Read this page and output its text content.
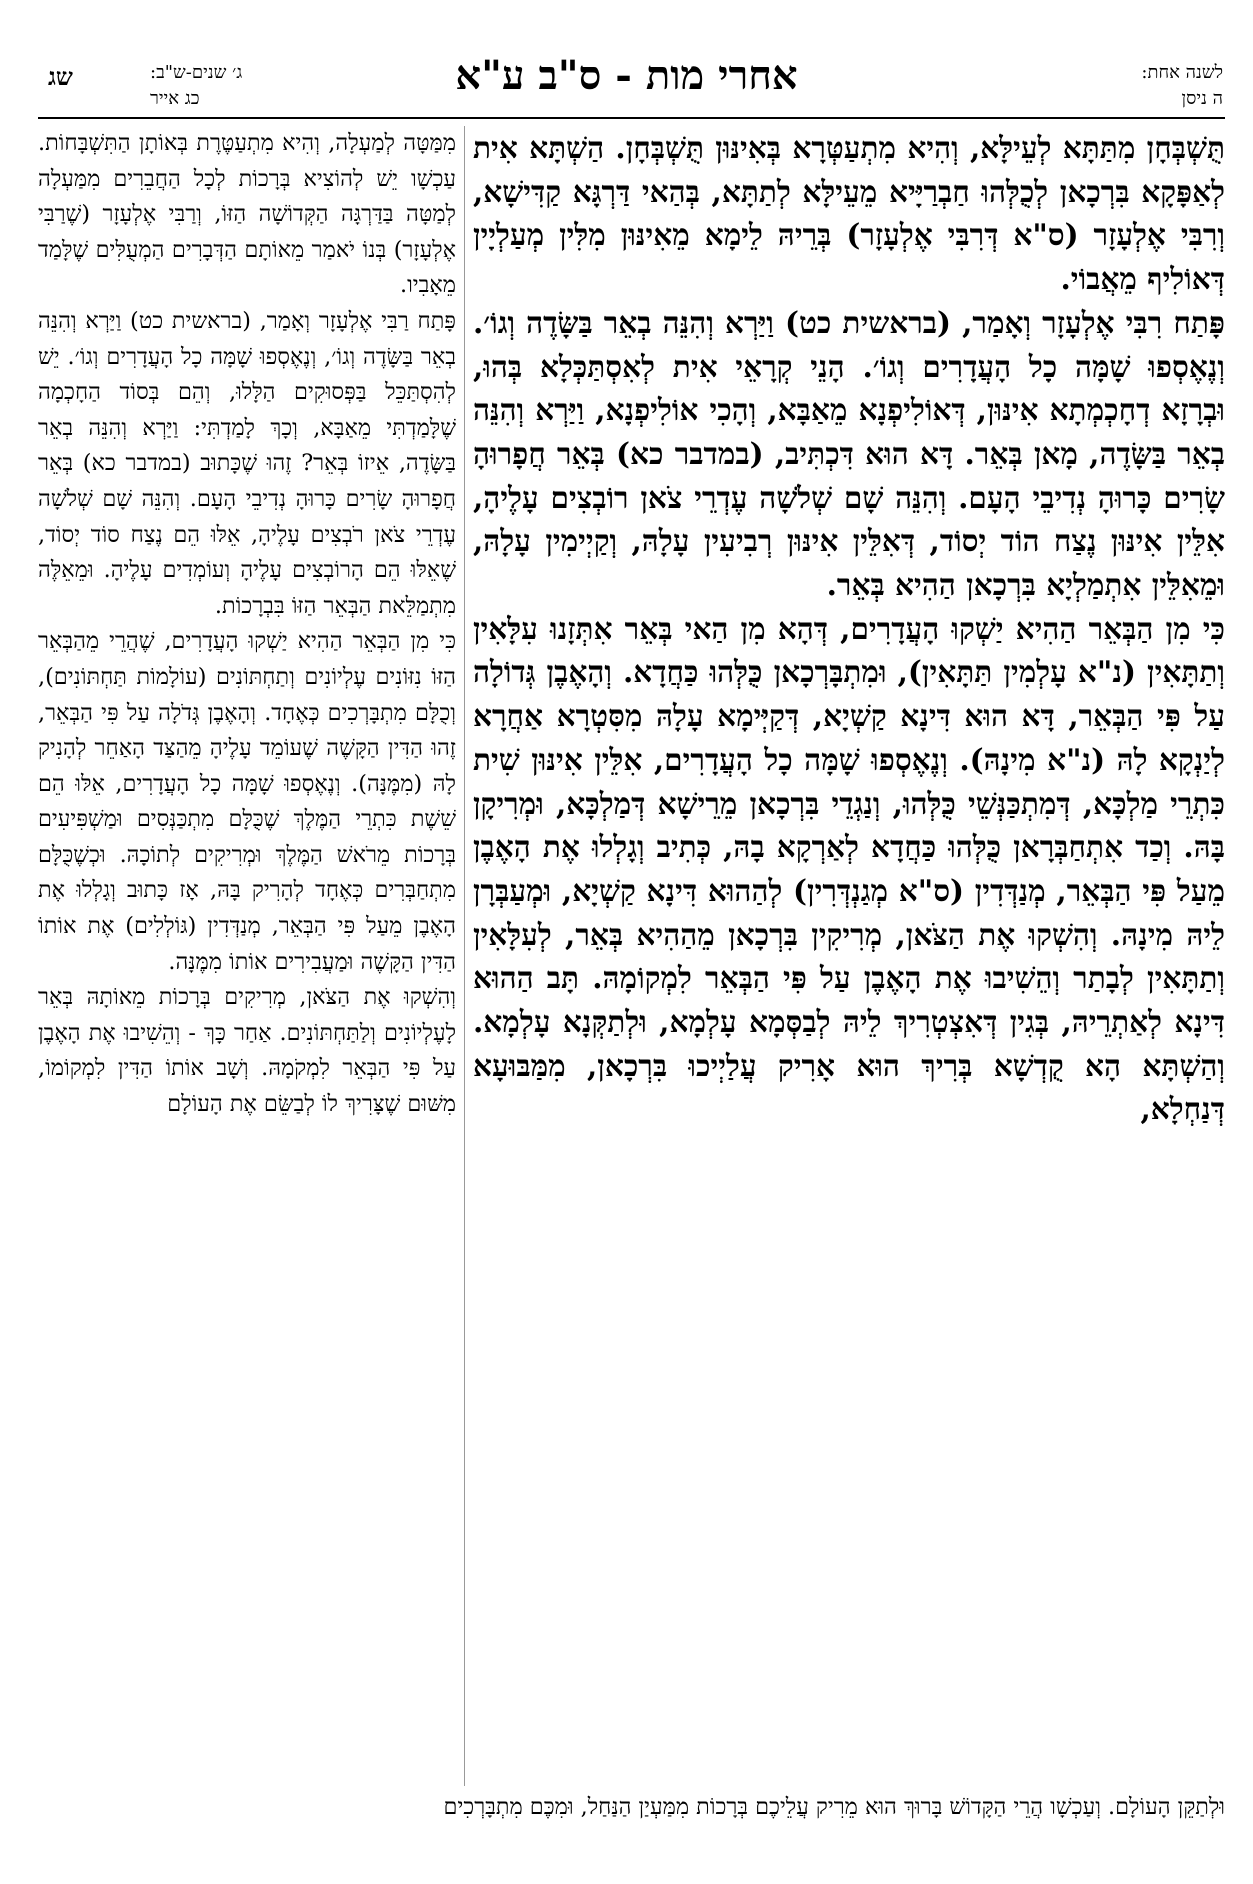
לשנה אחת:
ה ניסן
אחרי מות - ס"ב ע"א
ג׳ שנים-ש"ב:
כג אייר
שג

תֻּשְׁבְּחָן מִתַּתָּא לְעֵילָּא, וְהִיא מִתְעַטְּרָא בְּאִינּוּן תֻּשְׁבְּחָן. הַשְׁתָּא אִית לְאַפָּקָא בִּרְכָאן לְכֻלְּהוּ חַבְרַיָּיא מֵעֵילָּא לְתַתָּא, בְּהַאי דַּרְגָּא קַדִּישָׁא, וְרִבִּי אֶלְעָזָר (ס"א דְּרִבִּי אֶלְעָזָר) בְּרֵיהּ לֵימָא מֵאִינּוּן מִלִּין מְעַלְיָין דְּאוֹלִיף מֵאֲבוֹי.

פָּתַח רִבִּי אֶלְעָזָר וְאָמַר, (בראשית כט) וַיַּרְא וְהִנֵּה בְאֵר בַּשָּׂדֶה וְגוֹ׳. וְנֶאֶסְפוּ שָׁמָּה כָל הָעֲדָרִים וְגוֹ׳. הָנֵי קְרָאֵי אִית לְאִסְתַּכְּלָא בְּהוּ, וּבְרָזָא דְחָכְמְתָא אִינּוּן, דְּאוֹלִיפְנָא מֵאַבָּא, וְהָכִי אוֹלִיפְנָא, וַיַּרְא וְהִנֵּה בְאֵר בַּשָּׂדֶה, מָאן בְּאֵר. דָּא הוּא דִּכְתִּיב, (במדבר כא) בְּאֵר חֲפָרוּהָ שָׂרִים כָּרוּהָ נְדִיבֵי הָעָם. וְהִנֵּה שָׁם שְׁלֹשָׁה עֶדְרֵי צֹאן רוֹבְצִים עָלֶיהָ, אִלֵּין אִינּוּן נֶצַח הוֹד יְסוֹד, דְּאִלֵּין אִינּוּן רְבִיעִין עָלָהּ, וְקַיְימִין עָלָהּ, וּמֵאִלֵּין אִתְמַלְיָא בִּרְכָאן הַהִיא בְּאֵר.

כִּי מִן הַבְּאֵר הַהִיא יַשְׁקוּ הָעֲדָרִים, דְּהָא מִן הַאי בְּאֵר אִתְּזָנוּ עִלָּאִין וְתַתָּאִין (נ"א עָלְמִין תַּתָּאִין), וּמִתְבָּרְכָאן כֻּלְּהוּ כַּחֲדָא. וְהָאֶבֶן גְּדוֹלָה עַל פִּי הַבְּאֵר, דָּא הוּא דִּינָא קַשְׁיָא, דְּקַיְּימָא עָלָהּ מִסִּטְרָא אַחֲרָא לְיַנְקָא לָהּ (נ"א מִינָהּ). וְנֶאֶסְפוּ שָׁמָּה כָל הָעֲדָרִים, אִלֵּין אִינּוּן שִׁית כִּתְרֵי מַלְכָּא, דְּמִתְכַּנְּשֵׁי כֻּלְּהוּ, וְנַגְדֵי בִּרְכָאן מֵרֵישָׁא דְּמַלְכָּא, וּמְרִיקָן בָּהּ. וְכַד אִתְחַבְּרָאן כֻּלְּהוּ כַּחֲדָא לְאַרְקָא בָהּ, כְּתִיב וְגָלְלוּ אֶת הָאֶבֶן מֵעַל פִּי הַבְּאֵר, מְנַדְּדִין (ס"א מְגַנְדְּרִין) לְהַהוּא דִּינָא קַשְׁיָא, וּמְעַבְּרָן לֵיהּ מִינָהּ. וְהִשְׁקוּ אֶת הַצֹּאן, מְרִיקִין בִּרְכָאן מֵהַהִיא בְּאֵר, לְעִלָּאִין וְתַתָּאִין לְבָתַר וְהֵשִׁיבוּ אֶת הָאֶבֶן עַל פִּי הַבְּאֵר לִמְקוֹמָהּ. תָּב הַהוּא דִּינָא לְאַתְרֵיהּ, בְּגִין דְּאִצְטְרִיךְ לֵיהּ לְבַסְּמָא עָלְמָא, וּלְתַקְּנָא עָלְמָא. וְהַשְׁתָּא הָא קֻדְשָׁא בְּרִיךְ הוּא אָרִיק עֲלַיְיכוּ בִּרְכָאן, מִמַּבּוּעָא דְּנַחְלָא,

מִמַּטָּה לְמַעְלָה, וְהִיא מִתְעַטֶּרֶת בְּאוֹתָן הַתִּשְׁבָּחוֹת. עַכְשָׁו יֵשׁ לְהוֹצִיא בְּרָכוֹת לְכָל הַחֲבֵרִים מִמַּעְלָה לְמַטָּה בַּדַּרְגָּה הַקְּדוֹשָׁה הַזּוֹ, וְרַבִּי אֶלְעָזָר (שֶׁרַבִּי אֶלְעָזָר) בְּנוֹ יֹאמַר מֵאוֹתָם הַדְּבָרִים הַמְעֻלִּים שֶׁלָּמַד מֵאָבִיו.

פָּתַח רַבִּי אֶלְעָזָר וְאָמַר, (בראשית כט) וַיַּרְא וְהִנֵּה בְאֵר בַּשָּׂדֶה וְגוֹ׳, וְנֶאֶסְפוּ שָׁמָּה כָל הָעֲדָרִים וְגוֹ׳. יֵשׁ לְהִסְתַּכֵּל בַּפְּסוּקִים הַלָּלוּ, וְהֵם בְּסוֹד הַחָכְמָה שֶׁלָּמַדְתִּי מֵאַבָּא, וְכָךְ לָמַדְתִּי: וַיַּרְא וְהִנֵּה בְאֵר בַּשָּׂדֶה, אֵיזוֹ בְּאֵר? זֶהוּ שֶׁכָּתוּב (במדבר כא) בְּאֵר חֲפָרוּהָ שָׂרִים כָּרוּהָ נְדִיבֵי הָעָם. וְהִנֵּה שָׁם שְׁלֹשָׁה עֶדְרֵי צֹאן רֹבְצִים עָלֶיהָ, אֵלּוּ הֵם נֶצַח סוֹד יְסוֹד, שֶׁאֵלּוּ הֵם הָרוֹבְצִים עָלֶיהָ וְעוֹמְדִים עָלֶיהָ. וּמֵאֵלֶּה מִתְמַלֵּאת הַבְּאֵר הַזּוֹ בִּבְרָכוֹת.

כִּי מִן הַבְּאֵר הַהִיא יַשְׁקוּ הָעֲדָרִים, שֶׁהֲרֵי מֵהַבְּאֵר הַזּוֹ נִזּוֹנִים עֶלְיוֹנִים וְתַחְתּוֹנִים (עוֹלָמוֹת תַּחְתּוֹנִים), וְכֻלָּם מִתְבָּרְכִים כְּאֶחָד. וְהָאֶבֶן גְּדֹלָה עַל פִּי הַבְּאֵר, זֶהוּ הַדִּין הַקָּשֶׁה שֶׁעוֹמֵד עָלֶיהָ מֵהַצַּד הָאַחֵר לְהָנִיק לָהּ (מִמֶּנָּה). וְנֶאֶסְפוּ שָׁמָּה כָל הָעֲדָרִים, אֵלּוּ הֵם שֵׁשֶׁת כִּתְרֵי הַמֶּלֶךְ שֶׁכֻּלָּם מִתְכַּנְּסִים וּמַשְׁפִּיעִים בְּרָכוֹת מֵרֹאשׁ הַמֶּלֶךְ וּמְרִיקִים לְתוֹכָהּ. וּכְשֶׁכֻּלָּם מִתְחַבְּרִים כְּאֶחָד לְהָרִיק בָּהּ, אָז כָּתוּב וְגָלְלוּ אֶת הָאֶבֶן מֵעַל פִּי הַבְּאֵר, מְנַדְּדִין (גּוֹלְלִים) אֶת אוֹתוֹ הַדִּין הַקָּשֶׁה וּמַעֲבִירִים אוֹתוֹ מִמֶּנָּה.

וְהִשְׁקוּ אֶת הַצֹּאן, מְרִיקִים בְּרָכוֹת מֵאוֹתָהּ בְּאֵר לָעֶלְיוֹנִים וְלַתַּחְתּוֹנִים. אַחַר כָּךְ - וְהֵשִׁיבוּ אֶת הָאֶבֶן עַל פִּי הַבְּאֵר לִמְקֹמָהּ. וְשָׁב אוֹתוֹ הַדִּין לִמְקוֹמוֹ, מִשּׁוּם שֶׁצָּרִיךְ לוֹ לְבַשֵּׂם אֶת הָעוֹלָם

וּלְתַקֵּן הָעוֹלָם. וְעַכְשָׁו הֲרֵי הַקָּדוֹשׁ בָּרוּךְ הוּא מֵרִיק עֲלֵיכֶם בְּרָכוֹת מִמַּעְיַן הַנַּחַל, וּמִכֶּם מִתְבָּרְכִים
